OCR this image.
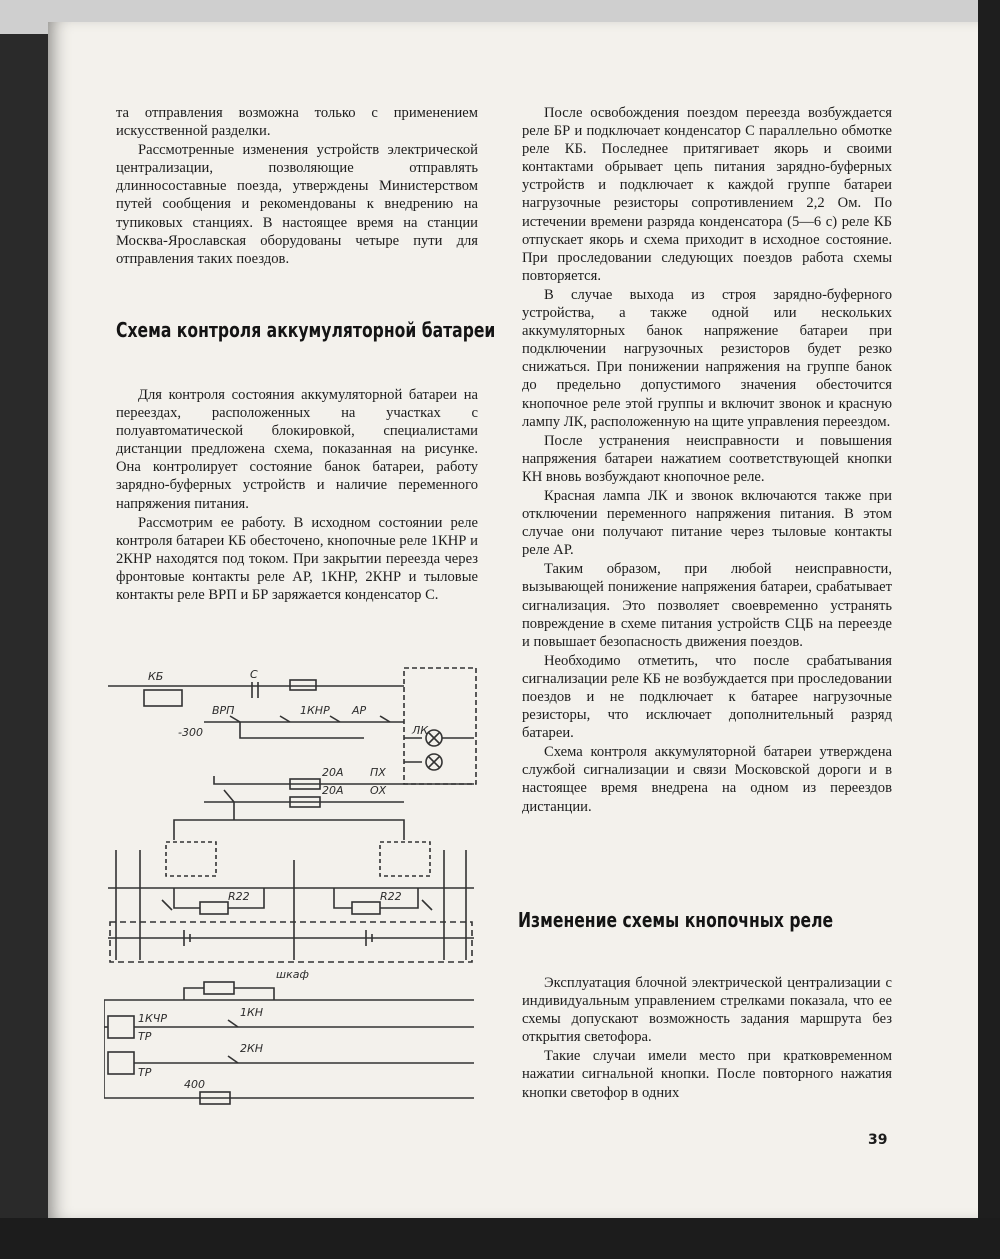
та отправления возможна только с применением искусственной разделки.

Рассмотренные изменения устройств электрической централизации, позволяющие отправлять длинносоставные поезда, утверждены Министерством путей сообщения и рекомендованы к внедрению на тупиковых станциях. В настоящее время на станции Москва-Ярославская оборудованы четыре пути для отправления таких поездов.

Схема контроля аккумуляторной батареи

Для контроля состояния аккумуляторной батареи на переездах, расположенных на участках с полуавтоматической блокировкой, специалистами дистанции предложена схема, показанная на рисунке. Она контролирует состояние банок батареи, работу зарядно-буферных устройств и наличие переменного напряжения питания.

Рассмотрим ее работу. В исходном состоянии реле контроля батареи КБ обесточено, кнопочные реле 1КНР и 2КНР находятся под током. При закрытии переезда через фронтовые контакты реле АР, 1КНР, 2КНР и тыловые контакты реле ВРП и БР заряжается конденсатор С.

КБ	С
ВРП	1КНР АР
-300
20А ПХ
20А ОХ
R22	R22
ЛК
шкаф
1КН
1КЧР
ТР
2КН
ТР
400

После освобождения поездом переезда возбуждается реле БР и подключает конденсатор С параллельно обмотке реле КБ. Последнее притягивает якорь и своими контактами обрывает цепь питания зарядно-буферных устройств и подключает к каждой группе батареи нагрузочные резисторы сопротивлением 2,2 Ом. По истечении времени разряда конденсатора (5—6 с) реле КБ отпускает якорь и схема приходит в исходное состояние. При проследовании следующих поездов работа схемы повторяется.

В случае выхода из строя зарядно-буферного устройства, а также одной или нескольких аккумуляторных банок напряжение батареи при подключении нагрузочных резисторов будет резко снижаться. При понижении напряжения на группе банок до предельно допустимого значения обесточится кнопочное реле этой группы и включит звонок и красную лампу ЛК, расположенную на щите управления переездом.

После устранения неисправности и повышения напряжения батареи нажатием соответствующей кнопки КН вновь возбуждают кнопочное реле.

Красная лампа ЛК и звонок включаются также при отключении переменного напряжения питания. В этом случае они получают питание через тыловые контакты реле АР.

Таким образом, при любой неисправности, вызывающей понижение напряжения батареи, срабатывает сигнализация. Это позволяет своевременно устранять повреждение в схеме питания устройств СЦБ на переезде и повышает безопасность движения поездов.

Необходимо отметить, что после срабатывания сигнализации реле КБ не возбуждается при проследовании поездов и не подключает к батарее нагрузочные резисторы, что исключает дополнительный разряд батареи.

Схема контроля аккумуляторной батареи утверждена службой сигнализации и связи Московской дороги и в настоящее время внедрена на одном из переездов дистанции.

Изменение схемы кнопочных реле

Эксплуатация блочной электрической централизации с индивидуальным управлением стрелками показала, что ее схемы допускают возможность задания маршрута без открытия светофора.

Такие случаи имели место при кратковременном нажатии сигнальной кнопки. После повторного нажатия кнопки светофор в одних

39
